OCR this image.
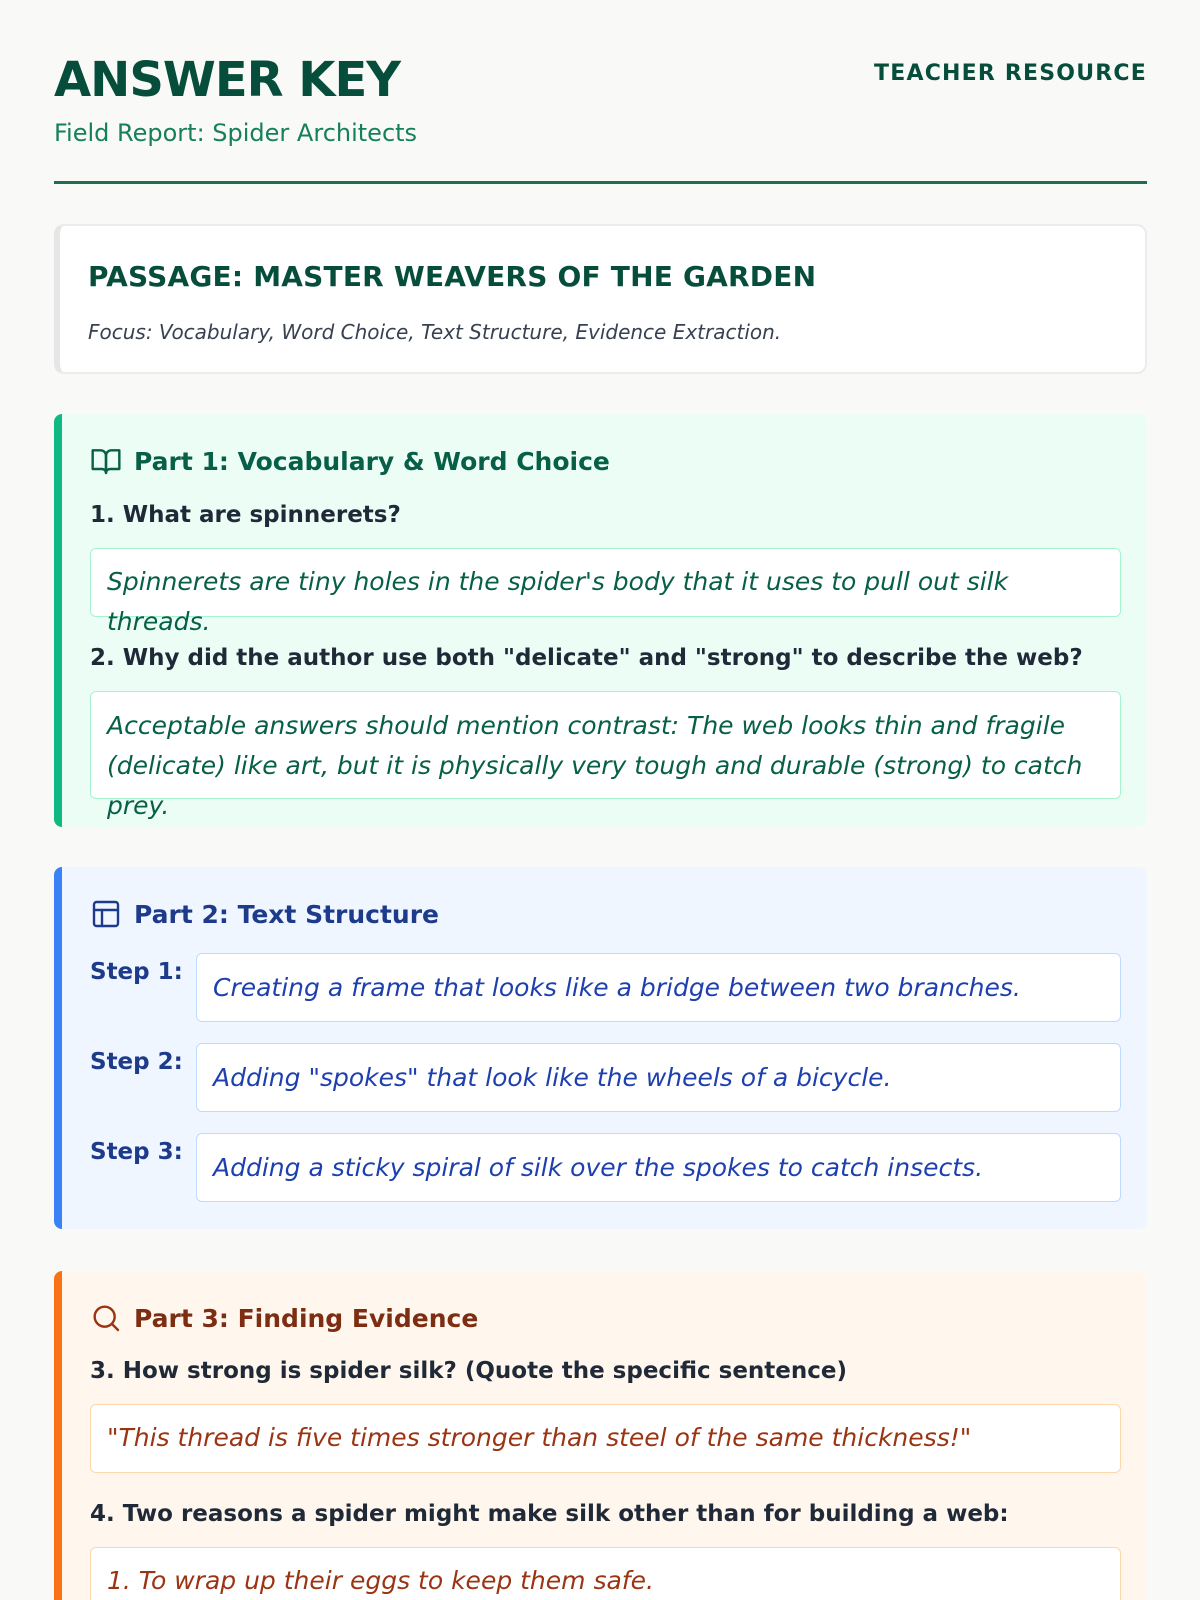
ANSWER KEY
Field Report: Spider Architects
TEACHER RESOURCE
PASSAGE: MASTER WEAVERS OF THE GARDEN
Focus: Vocabulary, Word Choice, Text Structure, Evidence Extraction.
Part 1: Vocabulary & Word Choice
1. What are spinnerets?
Spinnerets are tiny holes in the spider's body that it uses to pull out silk threads.
2. Why did the author use both "delicate" and "strong" to describe the web?
Acceptable answers should mention contrast: The web looks thin and fragile (delicate) like art, but it is physically very tough and durable (strong) to catch prey.
Part 2: Text Structure
Step 1:
Creating a frame that looks like a bridge between two branches.
Step 2:
Adding "spokes" that look like the wheels of a bicycle.
Step 3:
Adding a sticky spiral of silk over the spokes to catch insects.
Part 3: Finding Evidence
3. How strong is spider silk? (Quote the specific sentence)
"This thread is five times stronger than steel of the same thickness!"
4. Two reasons a spider might make silk other than for building a web:
1. To wrap up their eggs to keep them safe.
